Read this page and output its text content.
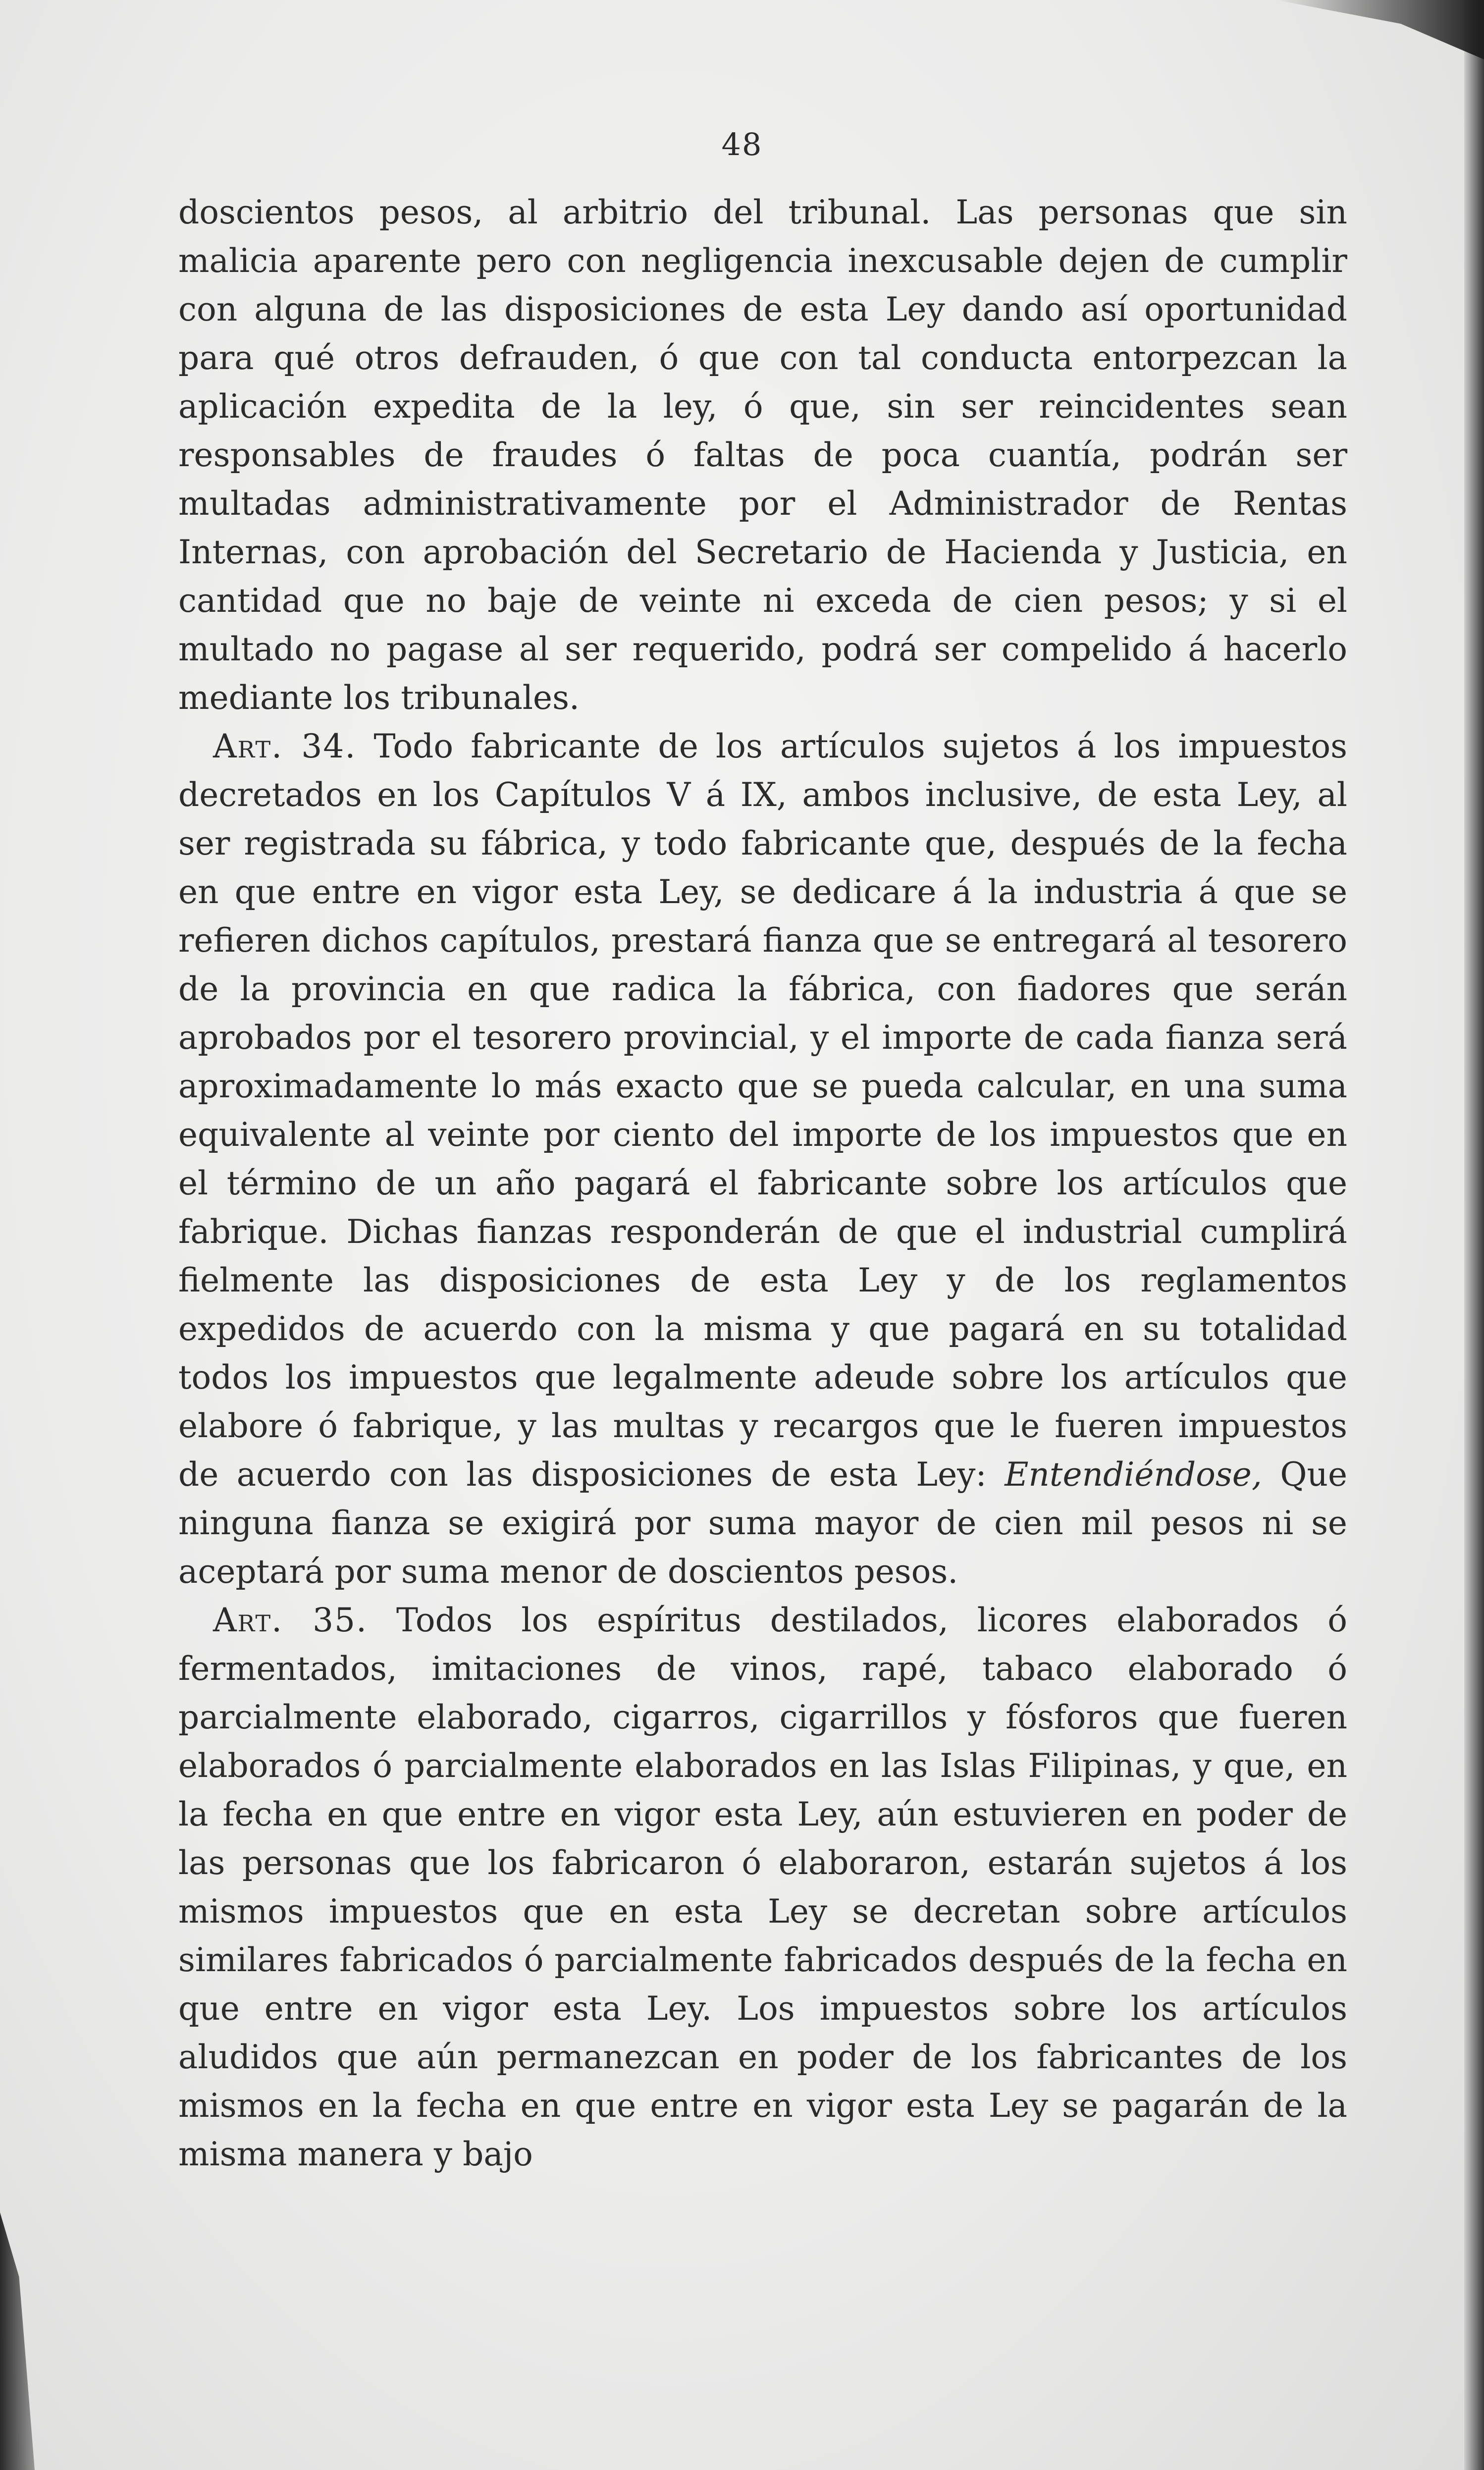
48

doscientos pesos, al arbitrio del tribunal. Las personas que sin malicia aparente pero con negligencia inexcusable dejen de cumplir con alguna de las disposiciones de esta Ley dando así oportunidad para qué otros defrauden, ó que con tal conducta entorpezcan la aplicación expedita de la ley, ó que, sin ser reincidentes sean responsables de fraudes ó faltas de poca cuantía, podrán ser multadas administrativamente por el Administrador de Rentas Internas, con aprobación del Secretario de Hacienda y Justicia, en cantidad que no baje de veinte ni exceda de cien pesos; y si el multado no pagase al ser requerido, podrá ser compelido á hacerlo mediante los tribunales.

Art. 34. Todo fabricante de los artículos sujetos á los impuestos decretados en los Capítulos V á IX, ambos inclusive, de esta Ley, al ser registrada su fábrica, y todo fabricante que, después de la fecha en que entre en vigor esta Ley, se dedicare á la industria á que se refieren dichos capítulos, prestará fianza que se entregará al tesorero de la provincia en que radica la fábrica, con fiadores que serán aprobados por el tesorero provincial, y el importe de cada fianza será aproximadamente lo más exacto que se pueda calcular, en una suma equivalente al veinte por ciento del importe de los impuestos que en el término de un año pagará el fabricante sobre los artículos que fabrique. Dichas fianzas responderán de que el industrial cumplirá fielmente las disposiciones de esta Ley y de los reglamentos expedidos de acuerdo con la misma y que pagará en su totalidad todos los impuestos que legalmente adeude sobre los artículos que elabore ó fabrique, y las multas y recargos que le fueren impuestos de acuerdo con las disposiciones de esta Ley: Entendiéndose, Que ninguna fianza se exigirá por suma mayor de cien mil pesos ni se aceptará por suma menor de doscientos pesos.

Art. 35. Todos los espíritus destilados, licores elaborados ó fermentados, imitaciones de vinos, rapé, tabaco elaborado ó parcialmente elaborado, cigarros, cigarrillos y fósforos que fueren elaborados ó parcialmente elaborados en las Islas Filipinas, y que, en la fecha en que entre en vigor esta Ley, aún estuvieren en poder de las personas que los fabricaron ó elaboraron, estarán sujetos á los mismos impuestos que en esta Ley se decretan sobre artículos similares fabricados ó parcialmente fabricados después de la fecha en que entre en vigor esta Ley. Los impuestos sobre los artículos aludidos que aún permanezcan en poder de los fabricantes de los mismos en la fecha en que entre en vigor esta Ley se pagarán de la misma manera y bajo
